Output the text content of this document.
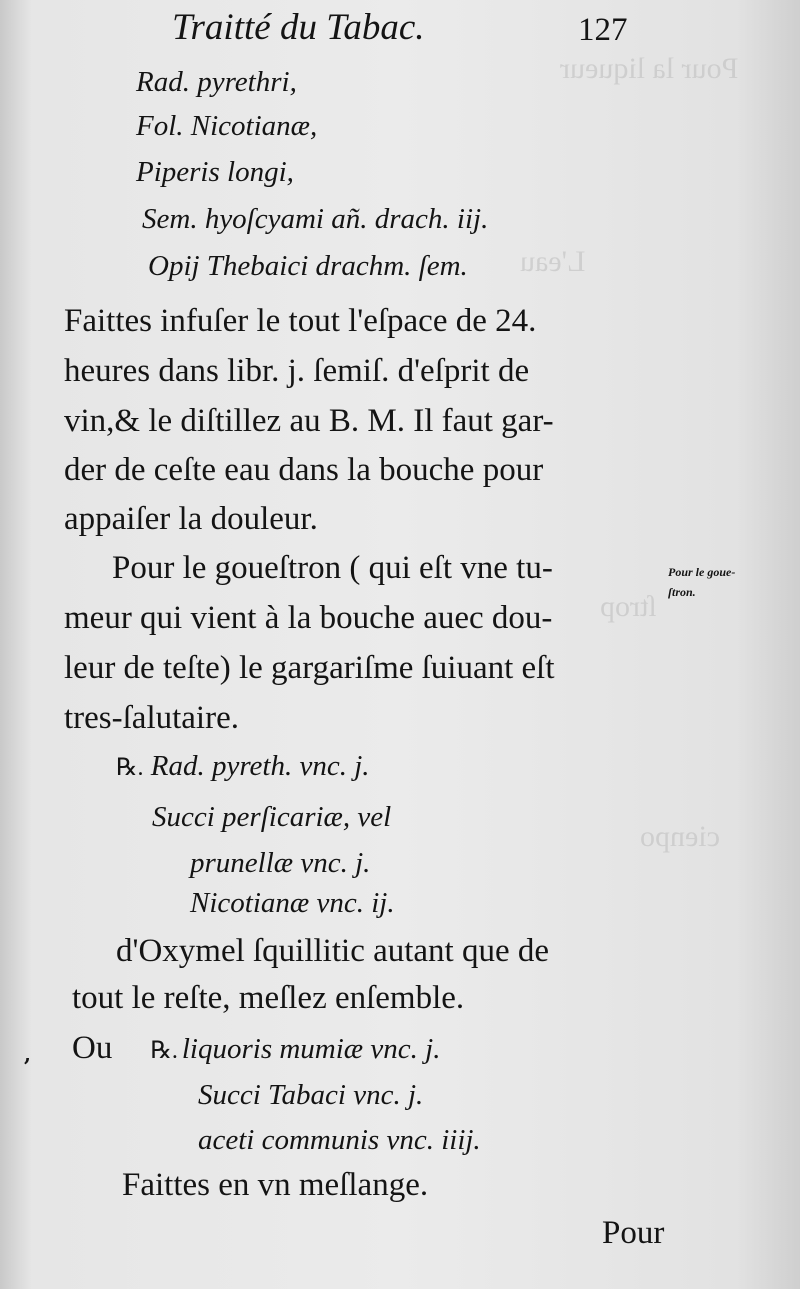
Pour la liqueur
L'eau
ſtrop
cienpo
Traitté du Tabac.	127
Rad. pyrethri,
Fol. Nicotianæ,
Piperis longi,
Sem. hyoſcyami añ. drach. iij.
Opij Thebaici drachm. ſem.
Faittes infuſer le tout l'eſpace de 24.
heures dans libr. j. ſemiſ. d'eſprit de
vin,& le diſtillez au B. M. Il faut gar-
der de ceſte eau dans la bouche pour
appaiſer la douleur.
Pour le goueſtron ( qui eſt vne tu-
meur qui vient à la bouche auec dou-
leur de teſte) le gargariſme ſuiuant eſt
tres-ſalutaire.
Pour le goue-
ſtron.
℞. Rad. pyreth. vnc. j.
Succi perſicariæ, vel
prunellæ vnc. j.
Nicotianæ vnc. ij.
d'Oxymel ſquillitic autant que de
tout le reſte, meſlez enſemble.
, Ou ℞. liquoris mumiæ vnc. j.
Succi Tabaci vnc. j.
aceti communis vnc. iiij.
Faittes en vn meſlange.
Pour
